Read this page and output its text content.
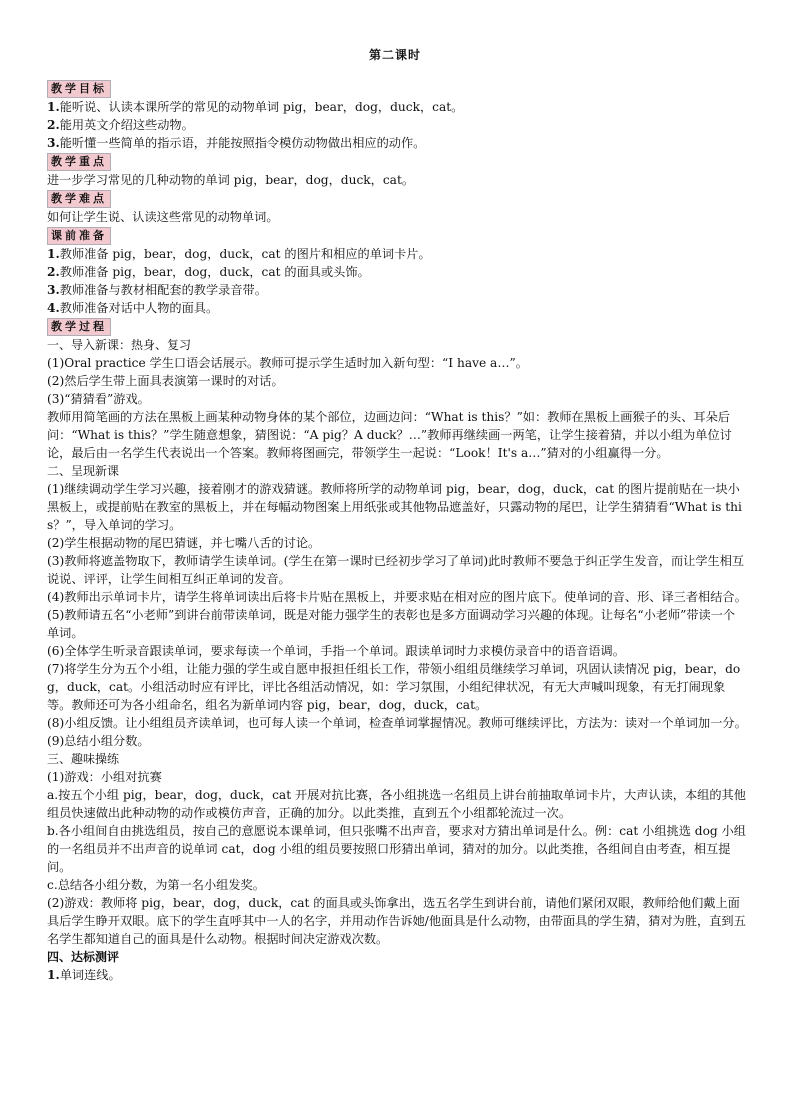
第二课时
教学目标

1.能听说、认读本课所学的常见的动物单词 pig，bear，dog，duck，cat。

2.能用英文介绍这些动物。

3.能听懂一些简单的指示语，并能按照指令模仿动物做出相应的动作。

教学重点

进一步学习常见的几种动物的单词 pig，bear，dog，duck，cat。

教学难点

如何让学生说、认读这些常见的动物单词。

课前准备

1.教师准备 pig，bear，dog，duck，cat 的图片和相应的单词卡片。

2.教师准备 pig，bear，dog，duck，cat 的面具或头饰。

3.教师准备与教材相配套的教学录音带。

4.教师准备对话中人物的面具。

教学过程

一、导入新课：热身、复习

(1)Oral practice 学生口语会话展示。教师可提示学生适时加入新句型：“I have a…”。

(2)然后学生带上面具表演第一课时的对话。

(3)“猜猜看”游戏。

教师用简笔画的方法在黑板上画某种动物身体的某个部位，边画边问：“What is this？”如：教师在黑板上画猴子的头、耳朵后问：“What is this？”学生随意想象，猜图说：“A pig？A duck？…”教师再继续画一两笔，让学生接着猜，并以小组为单位讨论，最后由一名学生代表说出一个答案。教师将图画完，带领学生一起说：“Look！It's a…”猜对的小组赢得一分。

二、呈现新课

(1)继续调动学生学习兴趣，接着刚才的游戏猜谜。教师将所学的动物单词 pig，bear，dog，duck，cat 的图片提前贴在一块小黑板上，或提前贴在教室的黑板上，并在每幅动物图案上用纸张或其他物品遮盖好，只露动物的尾巴，让学生猜猜看“What is this？”，导入单词的学习。

(2)学生根据动物的尾巴猜谜，并七嘴八舌的讨论。

(3)教师将遮盖物取下，教师请学生读单词。(学生在第一课时已经初步学习了单词)此时教师不要急于纠正学生发音，而让学生相互说说、评评，让学生间相互纠正单词的发音。

(4)教师出示单词卡片，请学生将单词读出后将卡片贴在黑板上，并要求贴在相对应的图片底下。使单词的音、形、译三者相结合。

(5)教师请五名“小老师”到讲台前带读单词，既是对能力强学生的表彰也是多方面调动学习兴趣的体现。让每名“小老师”带读一个单词。

(6)全体学生听录音跟读单词，要求每读一个单词，手指一个单词。跟读单词时力求模仿录音中的语音语调。

(7)将学生分为五个小组，让能力强的学生或自愿申报担任组长工作，带领小组组员继续学习单词，巩固认读情况 pig，bear，dog，duck，cat。小组活动时应有评比，评比各组活动情况，如：学习氛围，小组纪律状况，有无大声喊叫现象，有无打闹现象等。教师还可为各小组命名，组名为新单词内容 pig，bear，dog，duck，cat。

(8)小组反馈。让小组组员齐读单词，也可每人读一个单词，检查单词掌握情况。教师可继续评比，方法为：读对一个单词加一分。

(9)总结小组分数。

三、趣味操练

(1)游戏：小组对抗赛

a.按五个小组 pig，bear，dog，duck，cat 开展对抗比赛，各小组挑选一名组员上讲台前抽取单词卡片，大声认读，本组的其他组员快速做出此种动物的动作或模仿声音，正确的加分。以此类推，直到五个小组都轮流过一次。

b.各小组间自由挑选组员，按自己的意愿说本课单词，但只张嘴不出声音，要求对方猜出单词是什么。例：cat 小组挑选 dog 小组的一名组员并不出声音的说单词 cat，dog 小组的组员要按照口形猜出单词，猜对的加分。以此类推，各组间自由考查，相互提问。

c.总结各小组分数，为第一名小组发奖。

(2)游戏：教师将 pig，bear，dog，duck，cat 的面具或头饰拿出，选五名学生到讲台前，请他们紧闭双眼，教师给他们戴上面具后学生睁开双眼。底下的学生直呼其中一人的名字，并用动作告诉她/他面具是什么动物，由带面具的学生猜，猜对为胜，直到五名学生都知道自己的面具是什么动物。根据时间决定游戏次数。

四、达标测评

1.单词连线。
